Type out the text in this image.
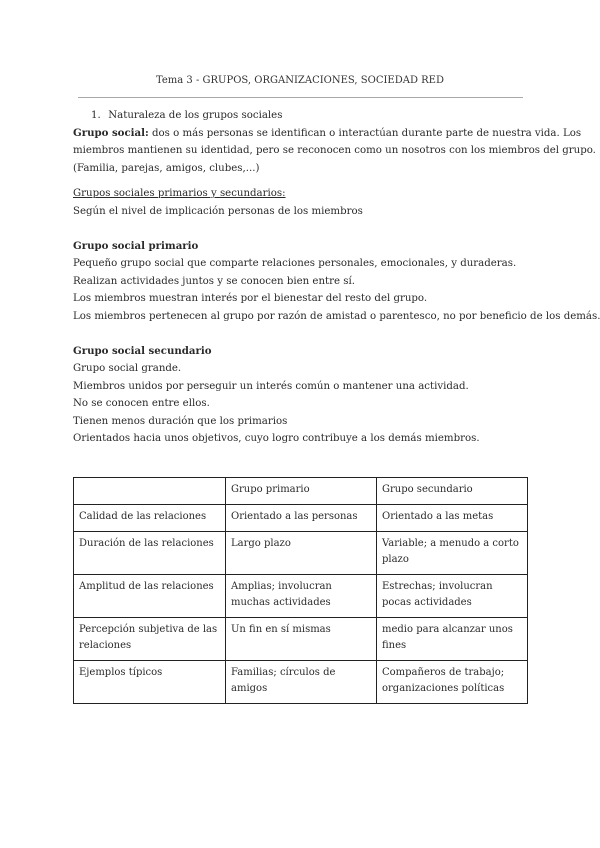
Tema 3 - GRUPOS, ORGANIZACIONES, SOCIEDAD RED
1. Naturaleza de los grupos sociales
Grupo social: dos o más personas se identifican o interactúan durante parte de nuestra vida. Los
miembros mantienen su identidad, pero se reconocen como un nosotros con los miembros del grupo.
(Familia, parejas, amigos, clubes,...)
Grupos sociales primarios y secundarios:
Según el nivel de implicación personas de los miembros
Grupo social primario
Pequeño grupo social que comparte relaciones personales, emocionales, y duraderas.
Realizan actividades juntos y se conocen bien entre sí.
Los miembros muestran interés por el bienestar del resto del grupo.
Los miembros pertenecen al grupo por razón de amistad o parentesco, no por beneficio de los demás.
Grupo social secundario
Grupo social grande.
Miembros unidos por perseguir un interés común o mantener una actividad.
No se conocen entre ellos.
Tienen menos duración que los primarios
Orientados hacia unos objetivos, cuyo logro contribuye a los demás miembros.
	Grupo primario	Grupo secundario
Calidad de las relaciones	Orientado a las personas	Orientado a las metas
Duración de las relaciones	Largo plazo	Variable; a menudo a corto plazo
Amplitud de las relaciones	Amplias; involucran muchas actividades	Estrechas; involucran pocas actividades
Percepción subjetiva de las relaciones	Un fin en sí mismas	medio para alcanzar unos fines
Ejemplos típicos	Familias; círculos de amigos	Compañeros de trabajo; organizaciones políticas
